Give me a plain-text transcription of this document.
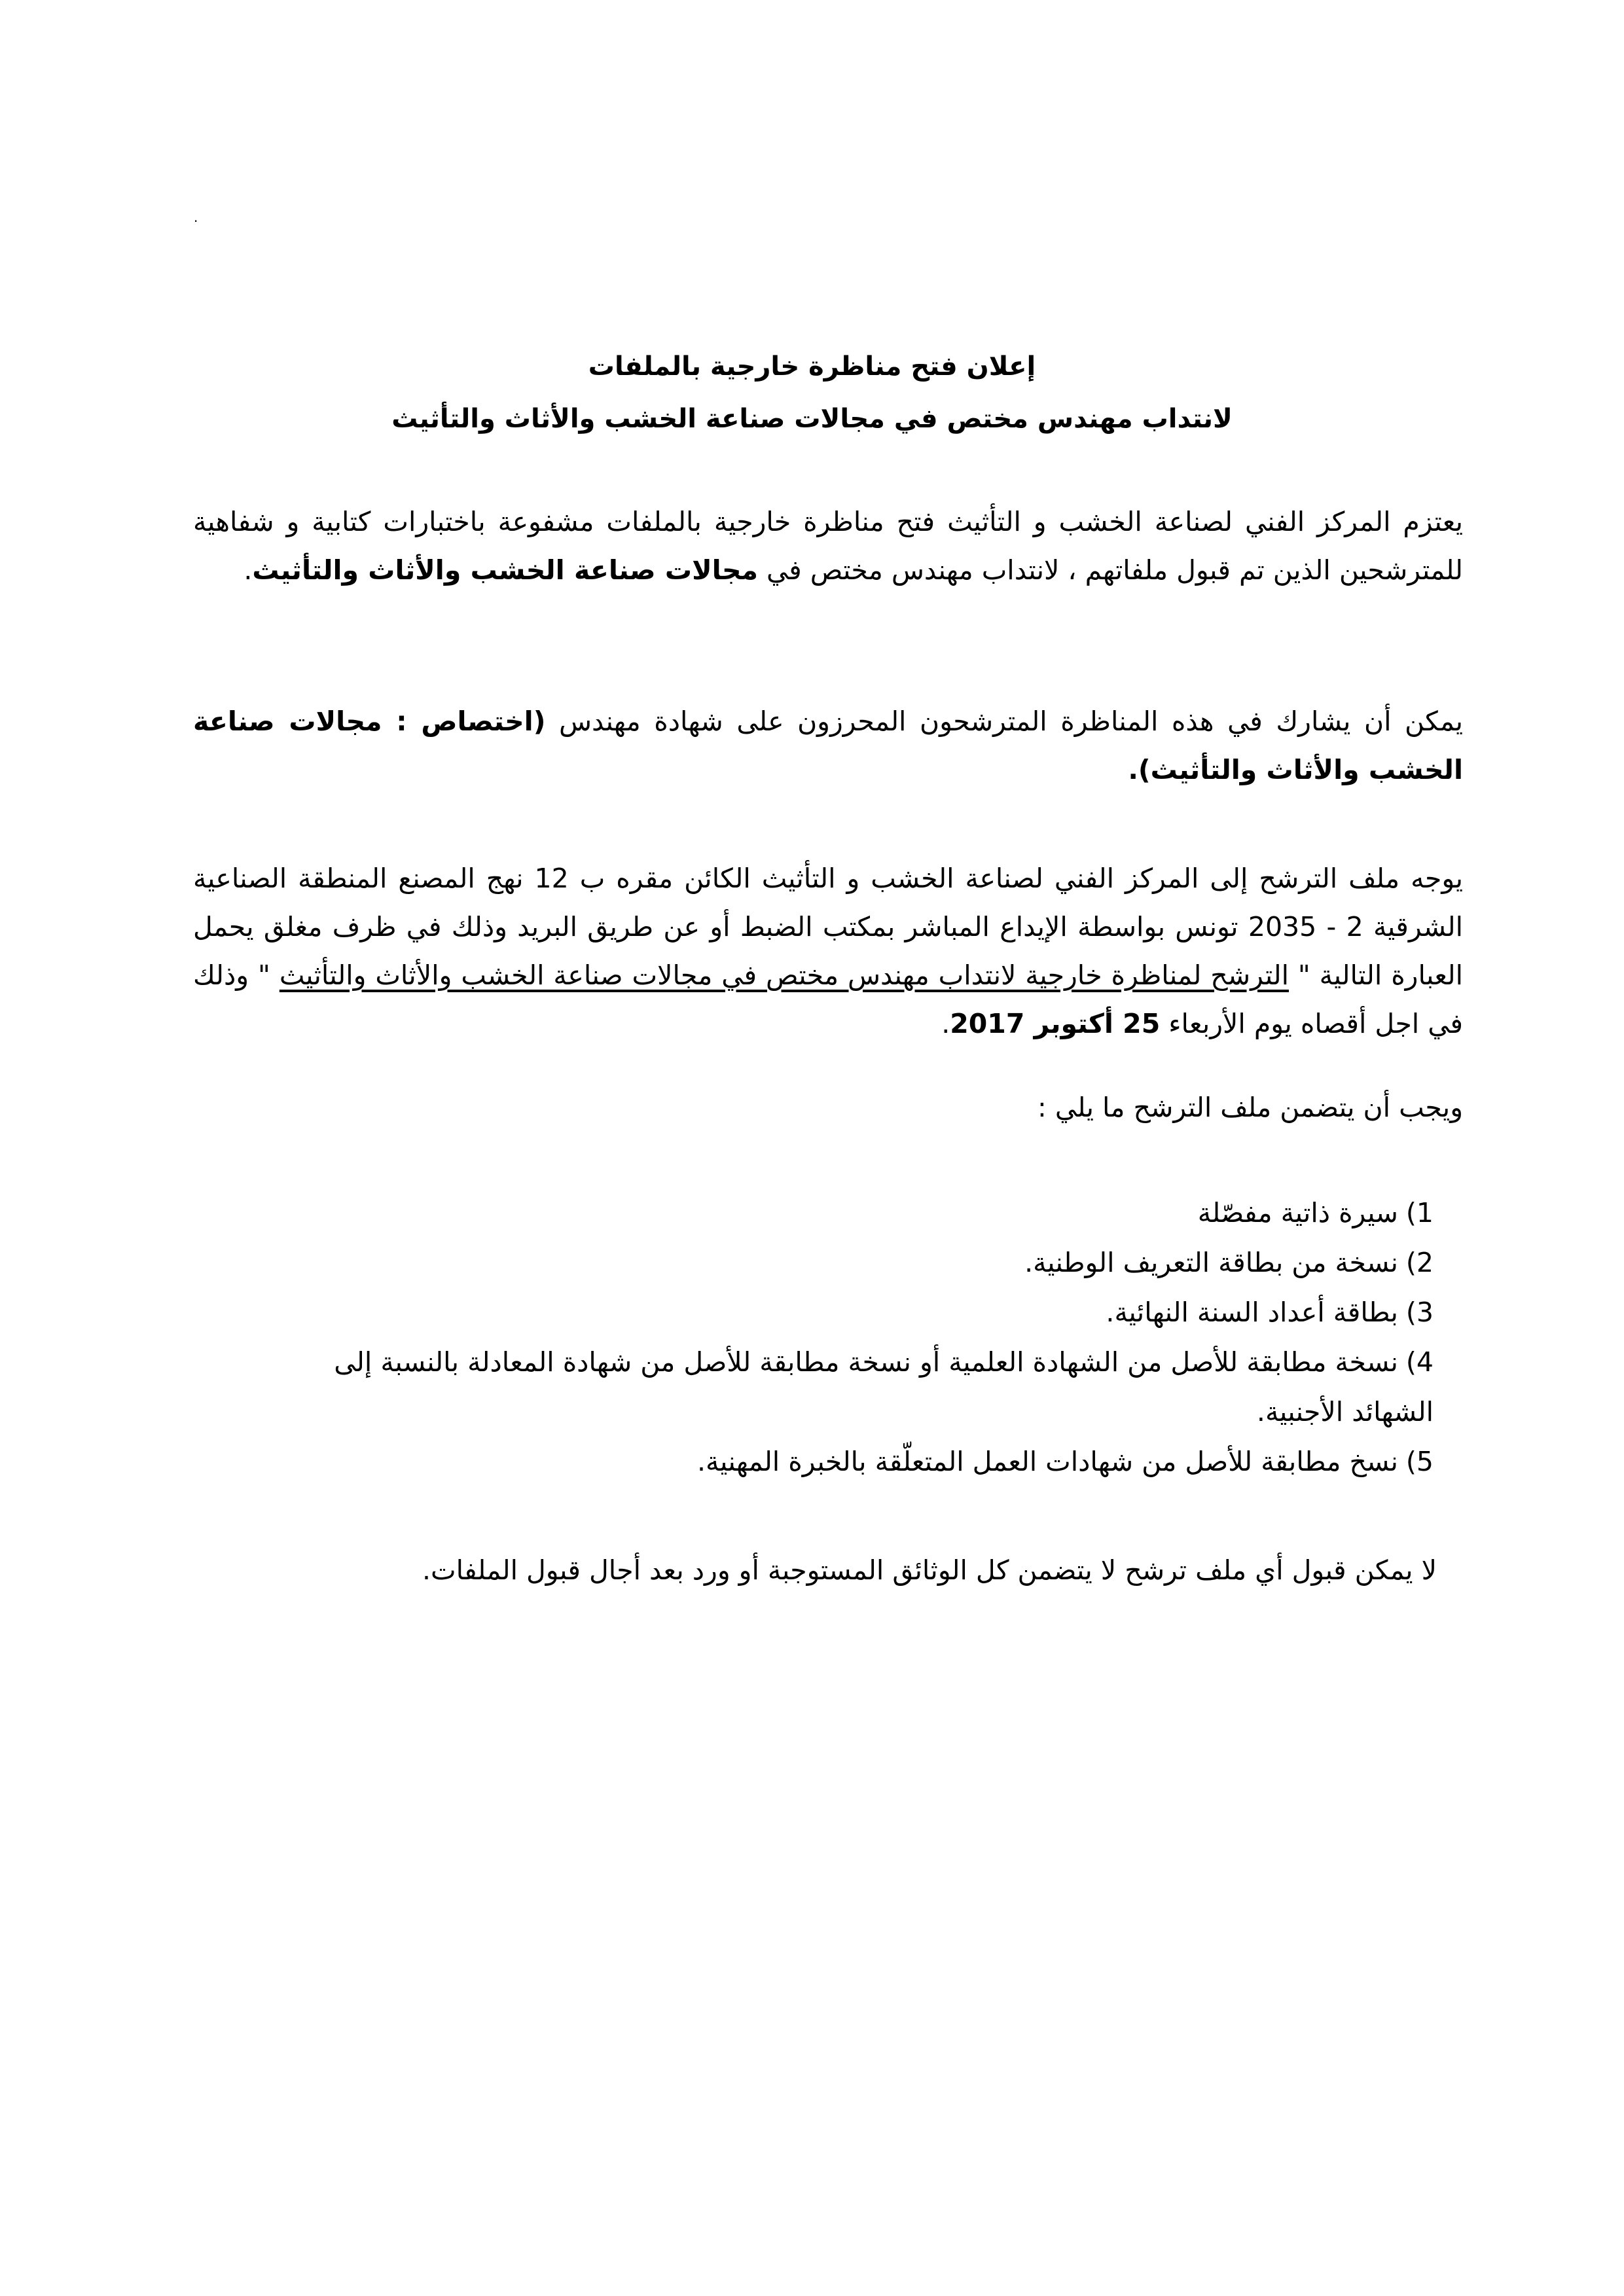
.
إعلان فتح مناظرة خارجية بالملفات
لانتداب مهندس مختص في مجالات صناعة الخشب والأثاث والتأثيث

يعتزم المركز الفني لصناعة الخشب و التأثيث فتح مناظرة خارجية بالملفات مشفوعة باختبارات كتابية و شفاهية للمترشحين الذين تم قبول ملفاتهم ، لانتداب مهندس مختص في مجالات صناعة الخشب والأثاث والتأثيث.

يمكن أن يشارك في هذه المناظرة المترشحون المحرزون على شهادة مهندس (اختصاص : مجالات صناعة الخشب والأثاث والتأثيث).

يوجه ملف الترشح إلى المركز الفني لصناعة الخشب و التأثيث الكائن مقره ب 12 نهج المصنع المنطقة الصناعية الشرقية 2 - 2035 تونس بواسطة الإيداع المباشر بمكتب الضبط أو عن طريق البريد وذلك في ظرف مغلق يحمل العبارة التالية " الترشح لمناظرة خارجية لانتداب مهندس مختص في مجالات صناعة الخشب والأثاث والتأثيث " وذلك في اجل أقصاه يوم الأربعاء 25 أكتوبر 2017.

ويجب أن يتضمن ملف الترشح ما يلي :

1)سيرة ذاتية مفصّلة
2)نسخة من بطاقة التعريف الوطنية.
3)بطاقة أعداد السنة النهائية.
4)نسخة مطابقة للأصل من الشهادة العلمية أو نسخة مطابقة للأصل من شهادة المعادلة بالنسبة إلى
الشهائد الأجنبية.
5)نسخ مطابقة للأصل من شهادات العمل المتعلّقة بالخبرة المهنية.

لا يمكن قبول أي ملف ترشح لا يتضمن كل الوثائق المستوجبة أو ورد بعد أجال قبول الملفات.
